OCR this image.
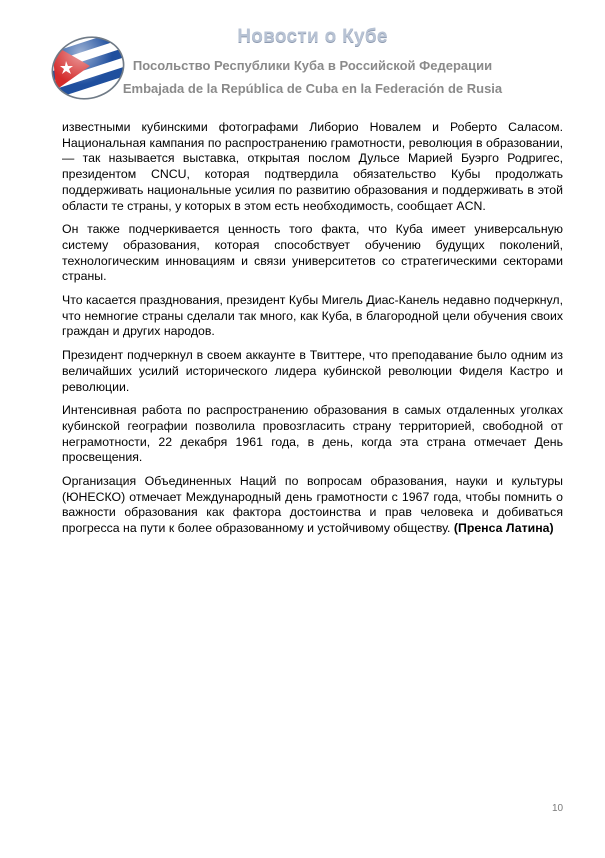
Новости о Кубе
Посольство Республики Куба в Российской Федерации
Embajada de la República de Cuba en la Federación de Rusia

известными кубинскими фотографами Либорио Новалем и Роберто Саласом. Национальная кампания по распространению грамотности, революция в образовании, — так называется выставка, открытая послом Дульсе Марией Буэрго Родригес, президентом CNCU, которая подтвердила обязательство Кубы продолжать поддерживать национальные усилия по развитию образования и поддерживать в этой области те страны, у которых в этом есть необходимость, сообщает ACN.

Он также подчеркивается ценность того факта, что Куба имеет универсальную систему образования, которая способствует обучению будущих поколений, технологическим инновациям и связи университетов со стратегическими секторами страны.

Что касается празднования, президент Кубы Мигель Диас-Канель недавно подчеркнул, что немногие страны сделали так много, как Куба, в благородной цели обучения своих граждан и других народов.

Президент подчеркнул в своем аккаунте в Твиттере, что преподавание было одним из величайших усилий исторического лидера кубинской революции Фиделя Кастро и революции.

Интенсивная работа по распространению образования в самых отдаленных уголках кубинской географии позволила провозгласить страну территорией, свободной от неграмотности, 22 декабря 1961 года, в день, когда эта страна отмечает День просвещения.

Организация Объединенных Наций по вопросам образования, науки и культуры (ЮНЕСКО) отмечает Международный день грамотности с 1967 года, чтобы помнить о важности образования как фактора достоинства и прав человека и добиваться прогресса на пути к более образованному и устойчивому обществу. (Пренса Латина)

10
